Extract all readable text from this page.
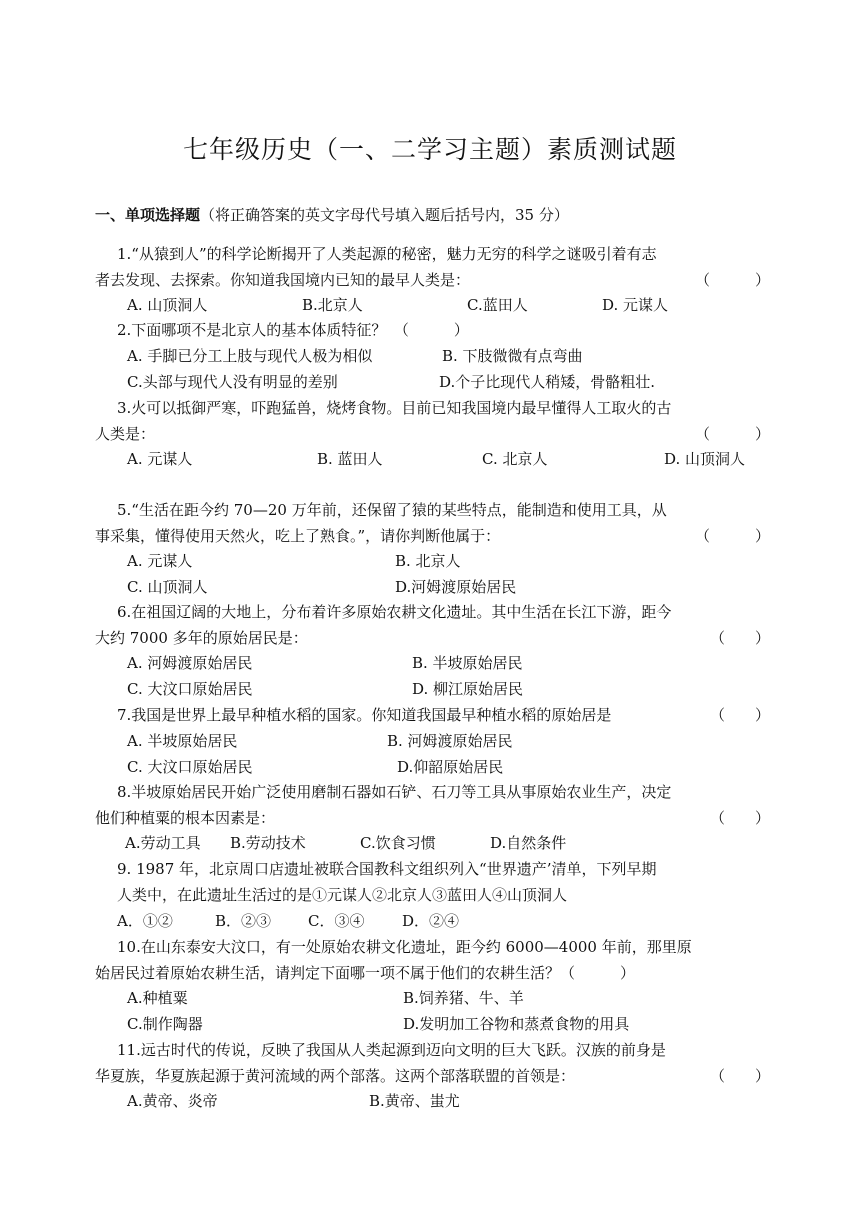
七年级历史（一、二学习主题）素质测试题
一、单项选择题（将正确答案的英文字母代号填入题后括号内，35 分）
1.“从猿到人”的科学论断揭开了人类起源的秘密，魅力无穷的科学之谜吸引着有志
者去发现、去探索。你知道我国境内已知的最早人类是：	（　　　）
A. 山顶洞人	B.北京人	C.蓝田人	D. 元谋人
2.下面哪项不是北京人的基本体质特征？　（　　　）
A. 手脚已分工上肢与现代人极为相似	B. 下肢微微有点弯曲
C.头部与现代人没有明显的差别	D.个子比现代人稍矮，骨骼粗壮.
3.火可以抵御严寒，吓跑猛兽，烧烤食物。目前已知我国境内最早懂得人工取火的古
人类是：	（　　　）
A. 元谋人	B. 蓝田人	C. 北京人	D. 山顶洞人
5.“生活在距今约 70—20 万年前，还保留了猿的某些特点，能制造和使用工具，从
事采集，懂得使用天然火，吃上了熟食。”，请你判断他属于：	（　　　）
A. 元谋人	B. 北京人
C. 山顶洞人	D.河姆渡原始居民
6.在祖国辽阔的大地上，分布着许多原始农耕文化遗址。其中生活在长江下游，距今
大约 7000 多年的原始居民是：	（　　）
A. 河姆渡原始居民	B. 半坡原始居民
C. 大汶口原始居民	D. 柳江原始居民
7.我国是世界上最早种植水稻的国家。你知道我国最早种植水稻的原始居是	（　　）
A. 半坡原始居民	B. 河姆渡原始居民
C. 大汶口原始居民	D.仰韶原始居民
8.半坡原始居民开始广泛使用磨制石器如石铲、石刀等工具从事原始农业生产，决定
他们种植粟的根本因素是：	（　　）
A.劳动工具 B.劳动技术	C.饮食习惯	D.自然条件
9. 1987 年，北京周口店遗址被联合国教科文组织列入“世界遗产’清单，下列早期
人类中，在此遗址生活过的是①元谋人②北京人③蓝田人④山顶洞人
A．①②	B．②③ C．③④	D．②④
10.在山东泰安大汶口，有一处原始农耕文化遗址，距今约 6000—4000 年前，那里原
始居民过着原始农耕生活，请判定下面哪一项不属于他们的农耕生活？（　　　）
A.种植粟	B.饲养猪、牛、羊
C.制作陶器	D.发明加工谷物和蒸煮食物的用具
11.远古时代的传说，反映了我国从人类起源到迈向文明的巨大飞跃。汉族的前身是
华夏族，华夏族起源于黄河流域的两个部落。这两个部落联盟的首领是：	（　　）
A.黄帝、炎帝	B.黄帝、蚩尤
